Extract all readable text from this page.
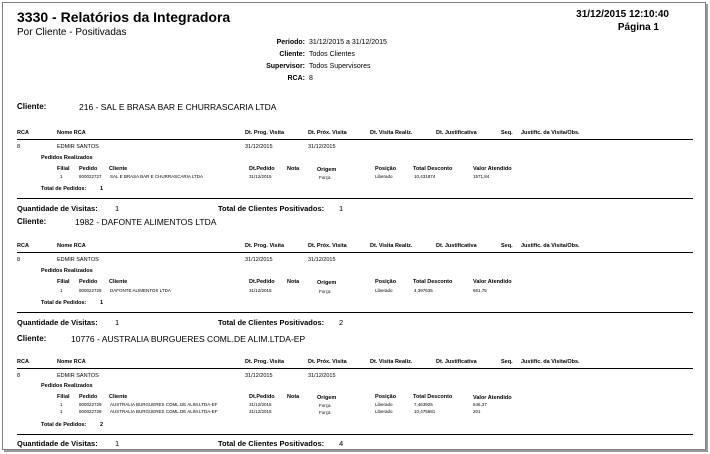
3330 - Relatórios da Integradora
Por Cliente - Positivadas
31/12/2015 12:10:40
Página 1
Período: 31/12/2015 a 31/12/2015
Cliente: Todos Clientes
Supervisor: Todos Supervisores
RCA: 8
Cliente:	216 - SAL E BRASA BAR E CHURRASCARIA LTDA
RCA	Nome RCA	Dt. Prog. Visita	Dt. Próx. Visita	Dt. Visita Realiz.	Dt. Justificativa	Seq. Justific. da Visita/Obs.
8	EDMIR SANTOS	31/12/2015	31/12/2015
Pedidos Realizados
Filial Pedido Cliente	Dt.Pedido Nota	Origem	Posição	Total Desconto	Valor Atendido
1	800022727 SAL E BRASA BAR E CHURRASCARIA LTDA	31/12/2015	Força	Liberado	10,431874	1571,84
Total de Pedidos: 1
Quantidade de Visitas: 1	Total de Clientes Positivados: 1
Cliente:	1982 - DAFONTE ALIMENTOS LTDA
RCA	Nome RCA	Dt. Prog. Visita	Dt. Próx. Visita	Dt. Visita Realiz.	Dt. Justificativa	Seq. Justific. da Visita/Obs.
8	EDMIR SANTOS	31/12/2015	31/12/2015
Pedidos Realizados
Filial Pedido Cliente	Dt.Pedido Nota	Origem	Posição	Total Desconto	Valor Atendido
1	800022726 DAFONTE ALIMENTOS LTDA	31/12/2015	Força	Liberado	4,397635	651,75
Total de Pedidos: 1
Quantidade de Visitas: 1	Total de Clientes Positivados: 2
Cliente:	10776 - AUSTRALIA BURGUERES COML.DE ALIM.LTDA-EP
RCA	Nome RCA	Dt. Prog. Visita	Dt. Próx. Visita	Dt. Visita Realiz.	Dt. Justificativa	Seq. Justific. da Visita/Obs.
8	EDMIR SANTOS	31/12/2015	31/12/2015
Pedidos Realizados
Filial Pedido Cliente	Dt.Pedido Nota	Origem	Posição	Total Desconto	Valor Atendido
1	800022729 AUSTRALIA BURGUERES COML.DE ALIM.LTDA-EF	31/12/2015	Força	Liberado	7,463925	546,37
1	800022728 AUSTRALIA BURGUERES COML.DE ALIM.LTDA-EF	31/12/2015	Força	Liberado	10,475681	201
Total de Pedidos: 2
Quantidade de Visitas: 1	Total de Clientes Positivados: 4
